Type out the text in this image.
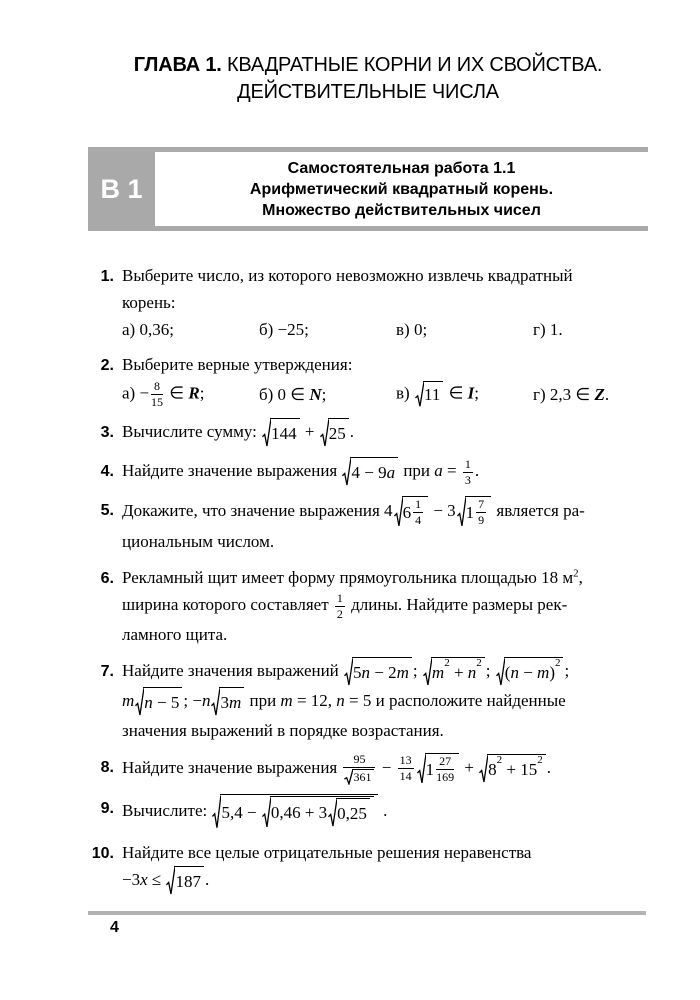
ГЛАВА 1. КВАДРАТНЫЕ КОРНИ И ИХ СВОЙСТВА.
ДЕЙСТВИТЕЛЬНЫЕ ЧИСЛА
В 1
Самостоятельная работа 1.1
Арифметический квадратный корень.
Множество действительных чисел
1. Выберите число, из которого невозможно извлечь квадратный
корень:
а) 0,36;	б) −25;	в) 0;	г) 1.
2. Выберите верные утверждения:
$а) - \frac{8}{15}$ ∈ R;	б) 0 ∈ N;	в) 11 ∈ I;	г) 2,3 ∈ Z.
3. Вычислите сумму: 144 + 25 .
4. Найдите значение выражения 4 − 9 a при $a = \frac{1}{3}$ .
5. Докажите, что значение выражения 4 $6 \frac{1}{4} - 3$ $1 \frac{7}{9}$ является ра-
циональным числом.
6. Рекламный щит имеет форму прямоугольника площадью 18 $м^2$,
ширина которого составляет $\frac{1}{2}$ длины. Найдите размеры рек-
ламного щита.
7. Найдите значения выражений 5 n − 2 m ; $m^2 + n^2$ ; ( n − m )$^2$ ;
m n − 5 ; −n 3 m при m = 12, n = 5 и расположите найденные
значения выражений в порядке возрастания.
8. Найдите значение выражения $\frac{95}{361} - \frac{13}{14} 1 \frac{27}{169} + 8$ 2 + 15 2 .
9. Вычислите: 5,4 − 0,46 + 3 0,25 .
10. Найдите все целые отрицательные решения неравенства
−3x ≤ 187 .
4
